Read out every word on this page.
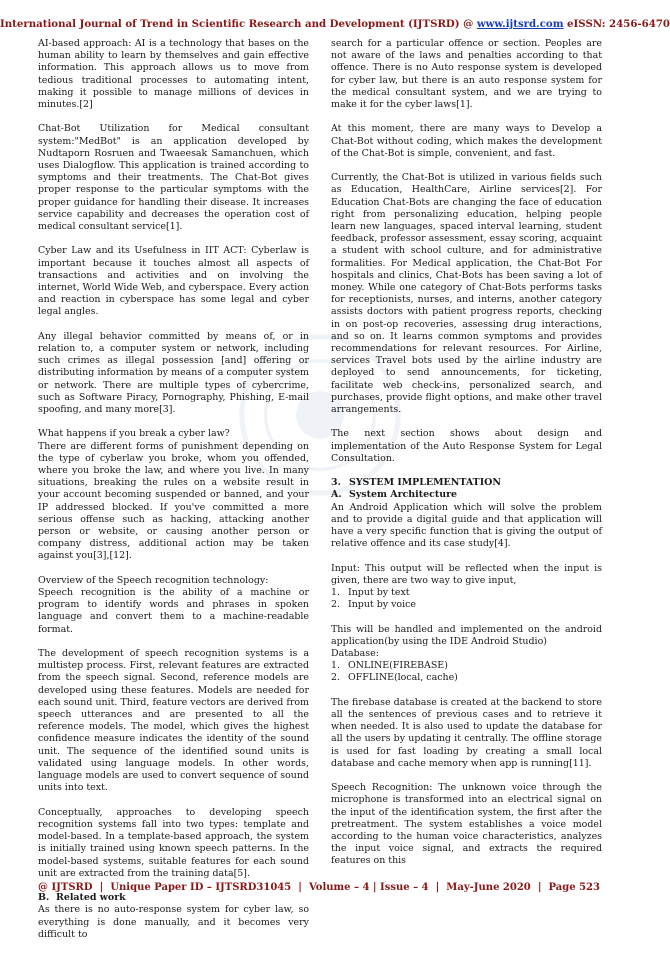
International Journal of Trend in Scientific Research and Development (IJTSRD) @ www.ijtsrd.com eISSN: 2456-6470

AI-based approach: AI is a technology that bases on the human ability to learn by themselves and gain effective information. This approach allows us to move from tedious traditional processes to automating intent, making it possible to manage millions of devices in minutes.[2]

Chat-Bot Utilization for Medical consultant system:"MedBot" is an application developed by Nudtaporn Rosruen and Twaeesak Samanchuen, which uses Dialogflow. This application is trained according to symptoms and their treatments. The Chat-Bot gives proper response to the particular symptoms with the proper guidance for handling their disease. It increases service capability and decreases the operation cost of medical consultant service[1].

Cyber Law and its Usefulness in IIT ACT: Cyberlaw is important because it touches almost all aspects of transactions and activities and on involving the internet, World Wide Web, and cyberspace. Every action and reaction in cyberspace has some legal and cyber legal angles.

Any illegal behavior committed by means of, or in relation to, a computer system or network, including such crimes as illegal possession [and] offering or distributing information by means of a computer system or network. There are multiple types of cybercrime, such as Software Piracy, Pornography, Phishing, E-mail spoofing, and many more[3].

What happens if you break a cyber law?

There are different forms of punishment depending on the type of cyberlaw you broke, whom you offended, where you broke the law, and where you live. In many situations, breaking the rules on a website result in your account becoming suspended or banned, and your IP addressed blocked. If you've committed a more serious offense such as hacking, attacking another person or website, or causing another person or company distress, additional action may be taken against you[3],[12].

Overview of the Speech recognition technology:

Speech recognition is the ability of a machine or program to identify words and phrases in spoken language and convert them to a machine-readable format.

The development of speech recognition systems is a multistep process. First, relevant features are extracted from the speech signal. Second, reference models are developed using these features. Models are needed for each sound unit. Third, feature vectors are derived from speech utterances and are presented to all the reference models. The model, which gives the highest confidence measure indicates the identity of the sound unit. The sequence of the identified sound units is validated using language models. In other words, language models are used to convert sequence of sound units into text.

Conceptually, approaches to developing speech recognition systems fall into two types: template and model-based. In a template-based approach, the system is initially trained using known speech patterns. In the model-based systems, suitable features for each sound unit are extracted from the training data[5].

B. Related work

As there is no auto-response system for cyber law, so everything is done manually, and it becomes very difficult to

search for a particular offence or section. Peoples are not aware of the laws and penalties according to that offence. There is no Auto response system is developed for cyber law, but there is an auto response system for the medical consultant system, and we are trying to make it for the cyber laws[1].

At this moment, there are many ways to Develop a Chat-Bot without coding, which makes the development of the Chat-Bot is simple, convenient, and fast.

Currently, the Chat-Bot is utilized in various fields such as Education, HealthCare, Airline services[2]. For Education Chat-Bots are changing the face of education right from personalizing education, helping people learn new languages, spaced interval learning, student feedback, professor assessment, essay scoring, acquaint a student with school culture, and for administrative formalities. For Medical application, the Chat-Bot For hospitals and clinics, Chat-Bots has been saving a lot of money. While one category of Chat-Bots performs tasks for receptionists, nurses, and interns, another category assists doctors with patient progress reports, checking in on post-op recoveries, assessing drug interactions, and so on. It learns common symptoms and provides recommendations for relevant resources. For Airline, services Travel bots used by the airline industry are deployed to send announcements, for ticketing, facilitate web check-ins, personalized search, and purchases, provide flight options, and make other travel arrangements.

The next section shows about design and implementation of the Auto Response System for Legal Consultation.

3. SYSTEM IMPLEMENTATION
A. System Architecture

An Android Application which will solve the problem and to provide a digital guide and that application will have a very specific function that is giving the output of relative offence and its case study[4].

Input: This output will be reflected when the input is given, there are two way to give input,

1. Input by text
2. Input by voice

This will be handled and implemented on the android application(by using the IDE Android Studio)

Database:

1. ONLINE(FIREBASE)
2. OFFLINE(local, cache)

The firebase database is created at the backend to store all the sentences of previous cases and to retrieve it when needed. It is also used to update the database for all the users by updating it centrally. The offline storage is used for fast loading by creating a small local database and cache memory when app is running[11].

Speech Recognition: The unknown voice through the microphone is transformed into an electrical signal on the input of the identification system, the first after the pretreatment. The system establishes a voice model according to the human voice characteristics, analyzes the input voice signal, and extracts the required features on this

@ IJTSRD | Unique Paper ID – IJTSRD31045 | Volume – 4 | Issue – 4 | May-June 2020 | Page 523
